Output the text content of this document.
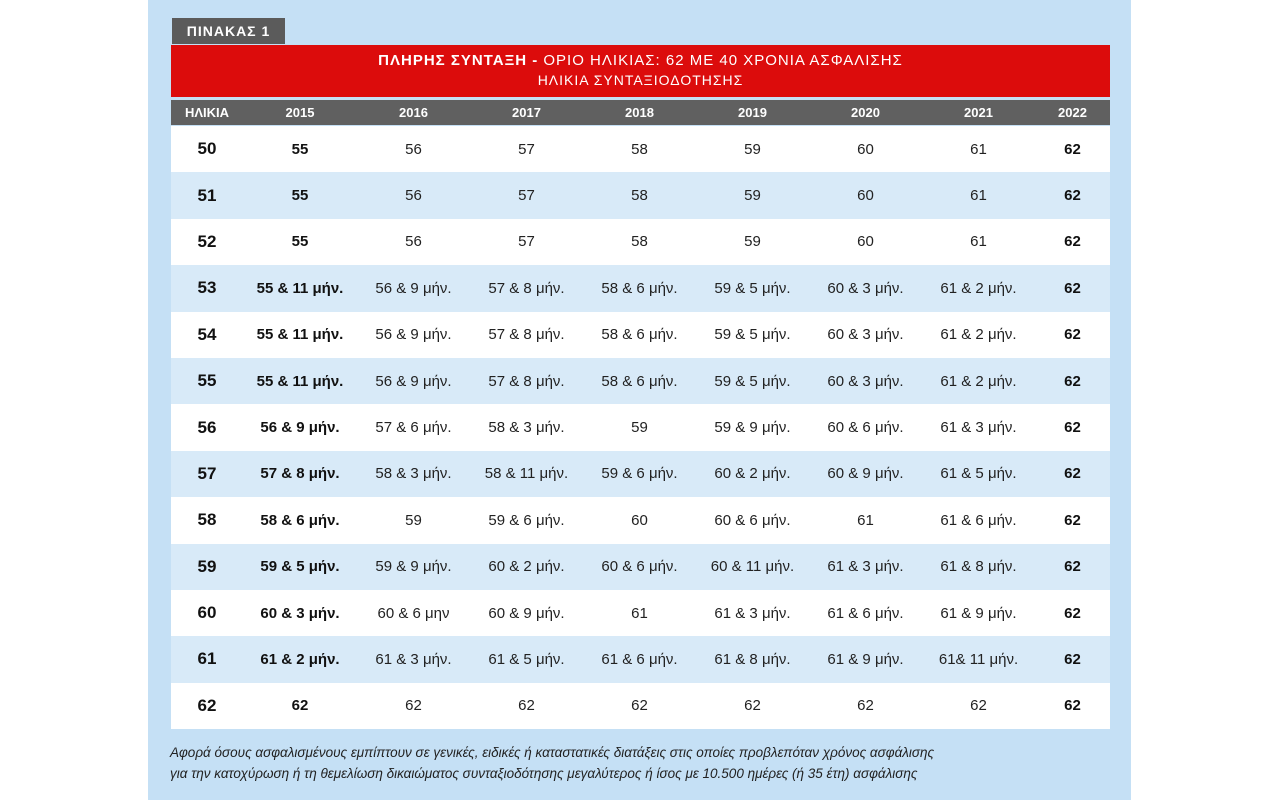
ΠΙΝΑΚΑΣ 1
ΠΛΗΡΗΣ ΣΥΝΤΑΞΗ - ΟΡΙΟ ΗΛΙΚΙΑΣ: 62 ΜΕ 40 ΧΡΟΝΙΑ ΑΣΦΑΛΙΣΗΣ
ΗΛΙΚΙΑ ΣΥΝΤΑΞΙΟΔΟΤΗΣΗΣ
ΗΛΙΚΙΑ	2015	2016	2017	2018	2019	2020	2021	2022
50	55	56	57	58	59	60	61	62
51	55	56	57	58	59	60	61	62
52	55	56	57	58	59	60	61	62
53	55 & 11 μήν.	56 & 9 μήν.	57 & 8 μήν.	58 & 6 μήν.	59 & 5 μήν.	60 & 3 μήν.	61 & 2 μήν.	62
54	55 & 11 μήν.	56 & 9 μήν.	57 & 8 μήν.	58 & 6 μήν.	59 & 5 μήν.	60 & 3 μήν.	61 & 2 μήν.	62
55	55 & 11 μήν.	56 & 9 μήν.	57 & 8 μήν.	58 & 6 μήν.	59 & 5 μήν.	60 & 3 μήν.	61 & 2 μήν.	62
56	56 & 9 μήν.	57 & 6 μήν.	58 & 3 μήν.	59	59 & 9 μήν.	60 & 6 μήν.	61 & 3 μήν.	62
57	57 & 8 μήν.	58 & 3 μήν.	58 & 11 μήν.	59 & 6 μήν.	60 & 2 μήν.	60 & 9 μήν.	61 & 5 μήν.	62
58	58 & 6 μήν.	59	59 & 6 μήν.	60	60 & 6 μήν.	61	61 & 6 μήν.	62
59	59 & 5 μήν.	59 & 9 μήν.	60 & 2 μήν.	60 & 6 μήν.	60 & 11 μήν.	61 & 3 μήν.	61 & 8 μήν.	62
60	60 & 3 μήν.	60 & 6 μην	60 & 9 μήν.	61	61 & 3 μήν.	61 & 6 μήν.	61 & 9 μήν.	62
61	61 & 2 μήν.	61 & 3 μήν.	61 & 5 μήν.	61 & 6 μήν.	61 & 8 μήν.	61 & 9 μήν.	61& 11 μήν.	62
62	62	62	62	62	62	62	62	62
Αφορά όσους ασφαλισμένους εμπίπτουν σε γενικές, ειδικές ή καταστατικές διατάξεις στις οποίες προβλεπόταν χρόνος ασφάλισης
για την κατοχύρωση ή τη θεμελίωση δικαιώματος συνταξιοδότησης μεγαλύτερος ή ίσος με 10.500 ημέρες (ή 35 έτη) ασφάλισης
